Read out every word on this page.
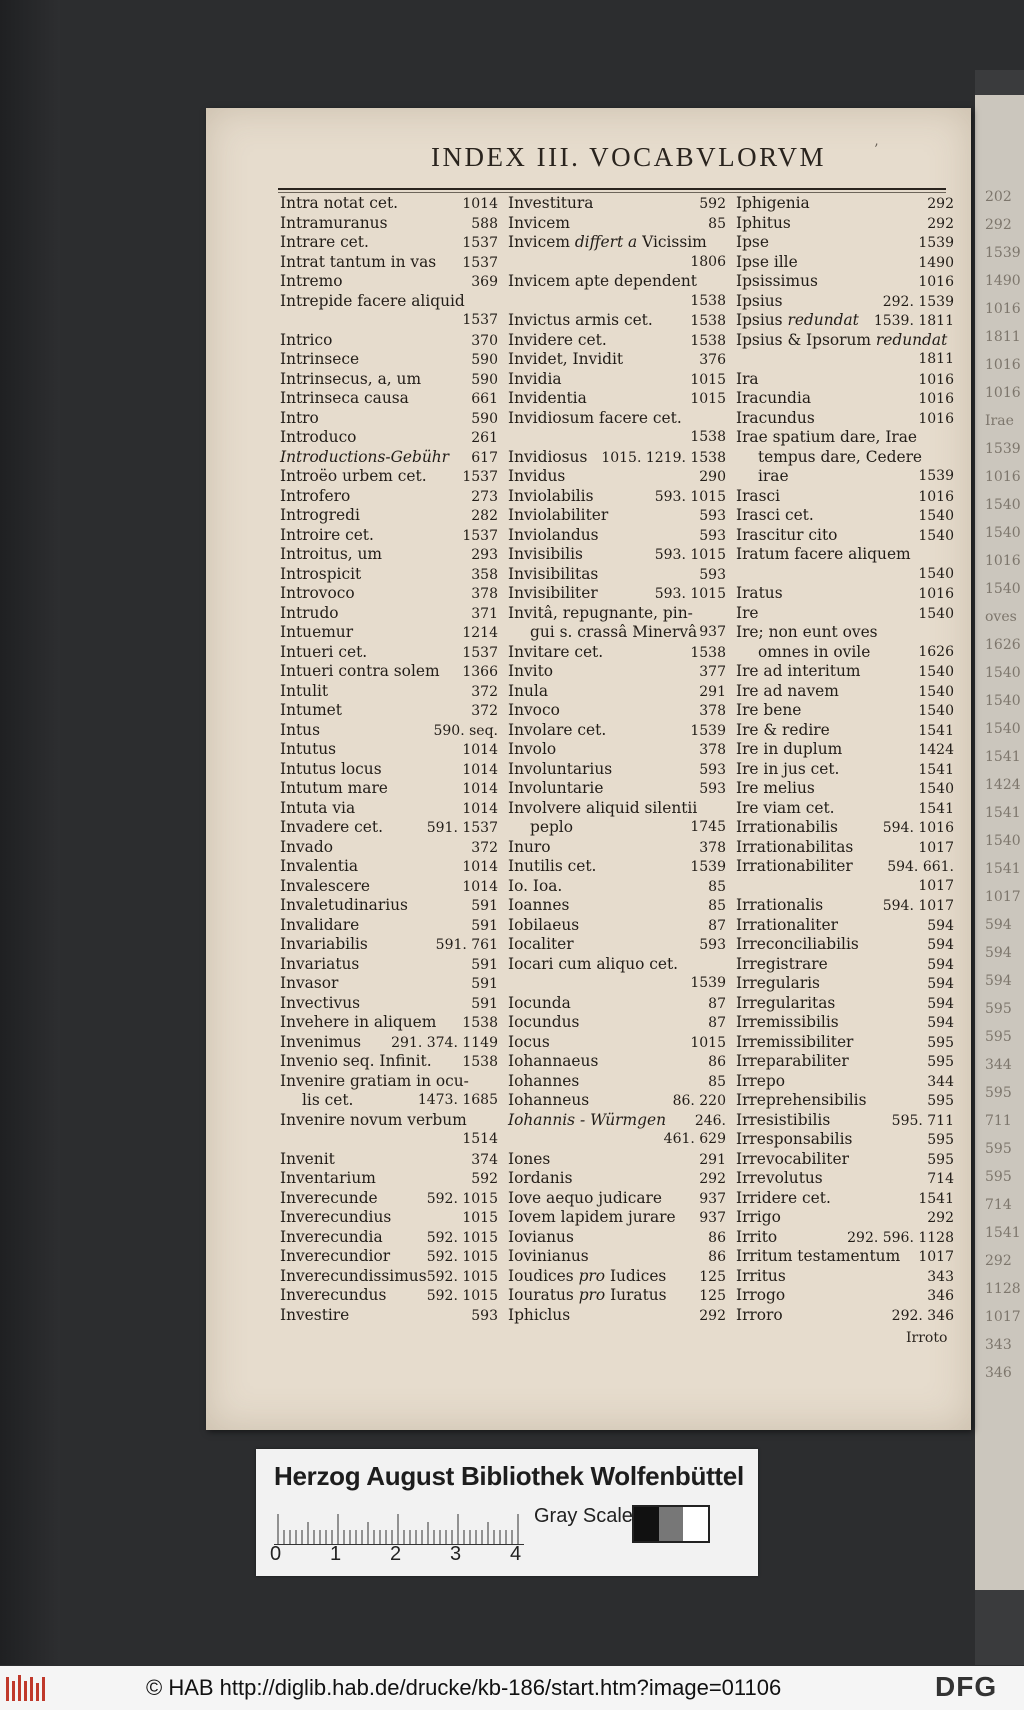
202
292
1539
1490
1016
1811
1016
1016
Irae
1539
1016
1540
1540
1016
1540
oves
1626
1540
1540
1540
1541
1424
1541
1540
1541
1017
594
594
594
595
595
344
595
711
595
595
714
1541
292
1128
1017
343
346
INDEX III. VOCABVLORVM	’
Intra notat cet.	1014
Intramuranus	588
Intrare cet.	1537
Intrat tantum in vas 1537
Intremo	369
Intrepide facere aliquid
1537
Intrico	370
Intrinsece	590
Intrinsecus, a, um	590
Intrinseca causa	661
Intro	590
Introduco	261
Introductions-Gebühr 617
Introëo urbem cet.	1537
Introfero	273
Introgredi	282
Introire cet.	1537
Introitus, um	293
Introspicit	358
Introvoco	378
Intrudo	371
Intuemur	1214
Intueri cet.	1537
Intueri contra solem 1366
Intulit	372
Intumet	372
Intus	590. seq.
Intutus	1014
Intutus locus	1014
Intutum mare	1014
Intuta via	1014
Invadere cet.	591. 1537
Invado	372
Invalentia	1014
Invalescere	1014
Invaletudinarius	591
Invalidare	591
Invariabilis	591. 761
Invariatus	591
Invasor	591
Invectivus	591
Invehere in aliquem 1538
Invenimus 291. 374. 1149
Invenio seq. Infinit. 1538
Invenire gratiam in ocu-
lis cet.	1473. 1685
Invenire novum verbum
1514
Invenit	374
Inventarium	592
Inverecunde	592. 1015
Inverecundius	1015
Inverecundia	592. 1015
Inverecundior	592. 1015
Inverecundissimus 592. 1015
Inverecundus	592. 1015
Investire	593
Investitura	592
Invicem	85
Invicem differt a Vicissim
1806
Invicem apte dependent
1538
Invictus armis cet.	1538
Invidere cet.	1538
Invidet, Invidit	376
Invidia	1015
Invidentia	1015
Invidiosum facere cet.
1538
Invidiosus 1015. 1219. 1538
Invidus	290
Inviolabilis	593. 1015
Inviolabiliter	593
Inviolandus	593
Invisibilis	593. 1015
Invisibilitas	593
Invisibiliter	593. 1015
Invitâ, repugnante, pin-
gui s. crassâ Minervâ 937
Invitare cet.	1538
Invito	377
Inula	291
Invoco	378
Involare cet.	1539
Involo	378
Involuntarius	593
Involuntarie	593
Involvere aliquid silentii
peplo	1745
Inuro	378
Inutilis cet.	1539
Io. Ioa.	85
Ioannes	85
Iobilaeus	87
Iocaliter	593
Iocari cum aliquo cet.
1539
Iocunda	87
Iocundus	87
Iocus	1015
Iohannaeus	86
Iohannes	85
Iohanneus	86. 220
Iohannis - Würmgen 246.
461. 629
Iones	291
Iordanis	292
Iove aequo judicare	937
Iovem lapidem jurare 937
Iovianus	86
Iovinianus	86
Ioudices pro Iudices 125
Iouratus pro Iuratus 125
Iphiclus	292
Iphigenia	292
Iphitus	292
Ipse	1539
Ipse ille	1490
Ipsissimus	1016
Ipsius	292. 1539
Ipsius redundat 1539. 1811
Ipsius & Ipsorum redundat
1811
Ira	1016
Iracundia	1016
Iracundus	1016
Irae spatium dare, Irae
tempus dare, Cedere
irae	1539
Irasci	1016
Irasci cet.	1540
Irascitur cito	1540
Iratum facere aliquem
1540
Iratus	1016
Ire	1540
Ire; non eunt oves
omnes in ovile	1626
Ire ad interitum	1540
Ire ad navem	1540
Ire bene	1540
Ire & redire	1541
Ire in duplum	1424
Ire in jus cet.	1541
Ire melius	1540
Ire viam cet.	1541
Irrationabilis	594. 1016
Irrationabilitas	1017
Irrationabiliter 594. 661.
1017
Irrationalis	594. 1017
Irrationaliter	594
Irreconciliabilis	594
Irregistrare	594
Irregularis	594
Irregularitas	594
Irremissibilis	594
Irremissibiliter	595
Irreparabiliter	595
Irrepo	344
Irreprehensibilis	595
Irresistibilis	595. 711
Irresponsabilis	595
Irrevocabiliter	595
Irrevolutus	714
Irridere cet.	1541
Irrigo	292
Irrito	292. 596. 1128
Irritum testamentum 1017
Irritus	343
Irrogo	346
Irroro	292. 346
Irroto
Herzog August Bibliothek Wolfenbüttel
Gray Scale
0 1 2 3 4
© HAB http://diglib.hab.de/drucke/kb-186/start.htm?image=01106	DFG
